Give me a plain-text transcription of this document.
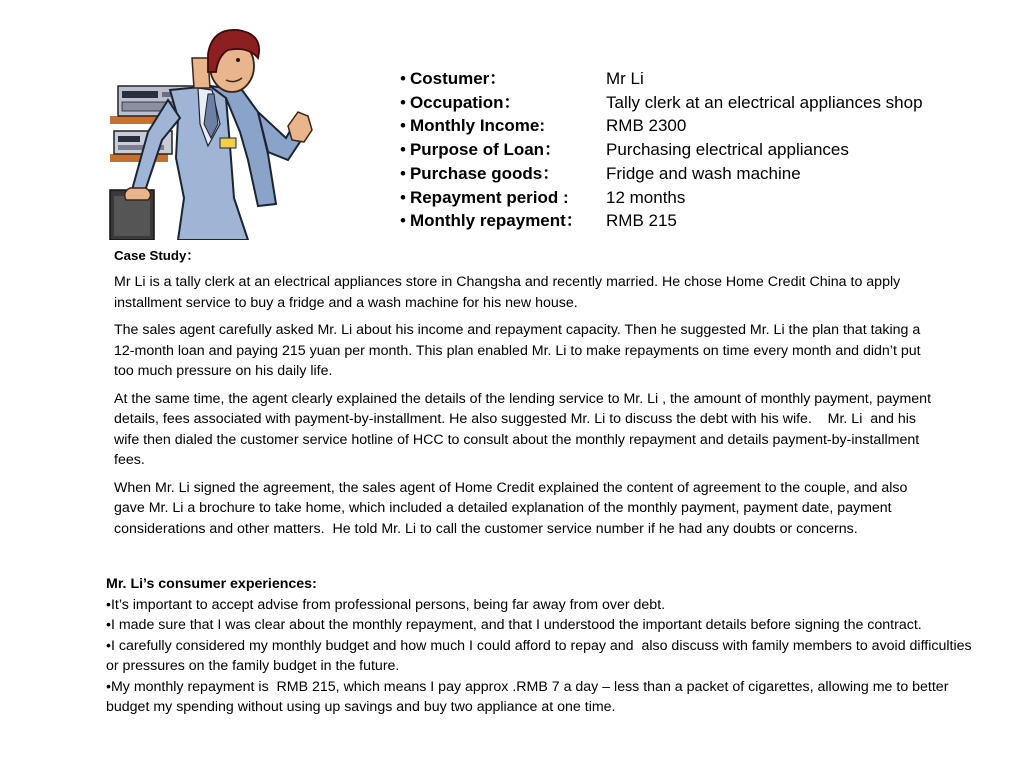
• Costumer：	Mr Li
• Occupation：	Tally clerk at an electrical appliances shop
• Monthly Income:	RMB 2300
• Purpose of Loan：	Purchasing electrical appliances
• Purchase goods：	Fridge and wash machine
• Repayment period :	12 months
• Monthly repayment：	RMB 215
Case Study：

Mr Li is a tally clerk at an electrical appliances store in Changsha and recently married. He chose Home Credit China to apply installment service to buy a fridge and a wash machine for his new house.

The sales agent carefully asked Mr. Li about his income and repayment capacity. Then he suggested Mr. Li the plan that taking a 12-month loan and paying 215 yuan per month. This plan enabled Mr. Li to make repayments on time every month and didn’t put too much pressure on his daily life.

At the same time, the agent clearly explained the details of the lending service to Mr. Li , the amount of monthly payment, payment details, fees associated with payment-by-installment. He also suggested Mr. Li to discuss the debt with his wife.    Mr. Li  and his wife then dialed the customer service hotline of HCC to consult about the monthly repayment and details payment-by-installment fees.

When Mr. Li signed the agreement, the sales agent of Home Credit explained the content of agreement to the couple, and also gave Mr. Li a brochure to take home, which included a detailed explanation of the monthly payment, payment date, payment considerations and other matters.  He told Mr. Li to call the customer service number if he had any doubts or concerns.

Mr. Li’s consumer experiences:

•It’s important to accept advise from professional persons, being far away from over debt.

•I made sure that I was clear about the monthly repayment, and that I understood the important details before signing the contract.

•I carefully considered my monthly budget and how much I could afford to repay and  also discuss with family members to avoid difficulties or pressures on the family budget in the future.

•My monthly repayment is  RMB 215, which means I pay approx .RMB 7 a day – less than a packet of cigarettes, allowing me to better budget my spending without using up savings and buy two appliance at one time.
